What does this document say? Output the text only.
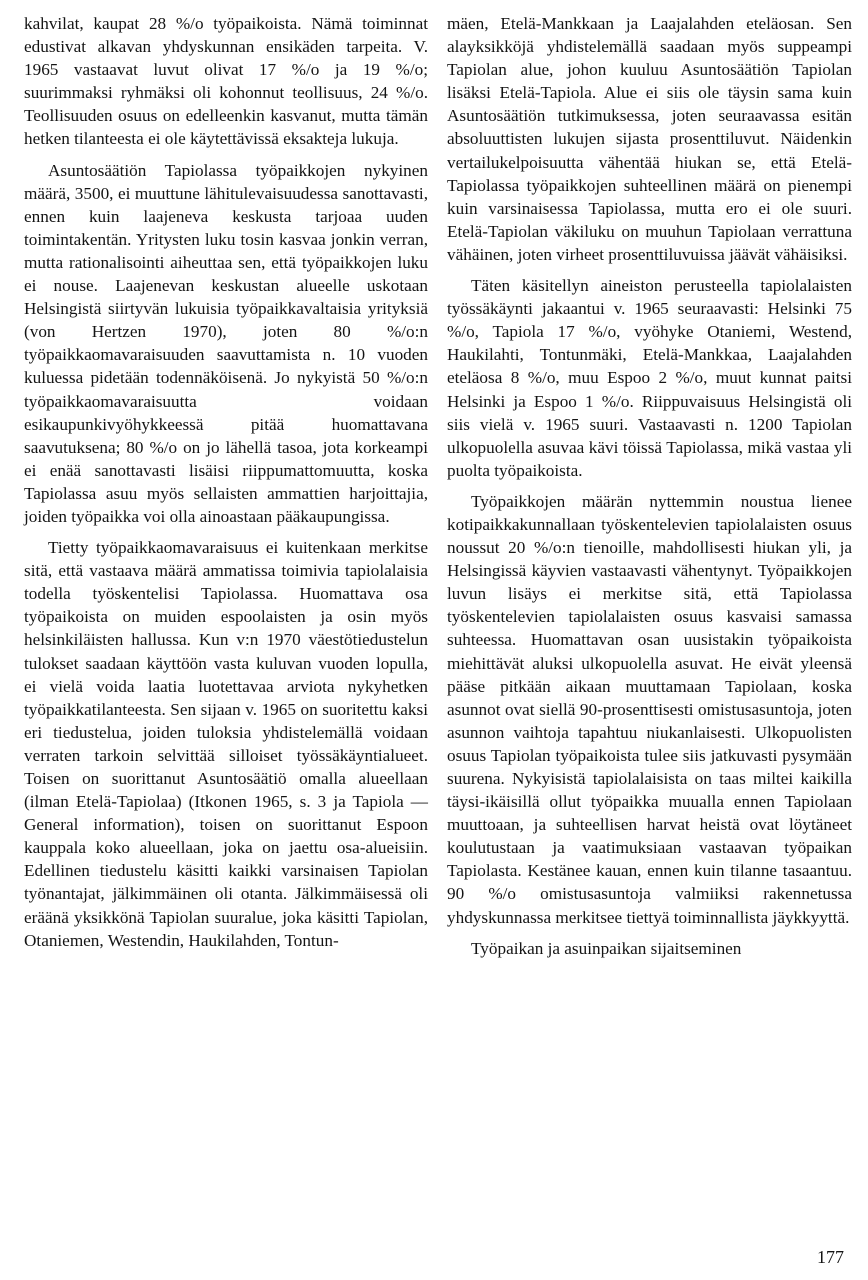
kahvilat, kaupat 28 %/o työpaikoista. Nämä toiminnat edustivat alkavan yhdyskunnan ensikäden tarpeita. V. 1965 vastaavat luvut olivat 17 %/o ja 19 %/o; suurimmaksi ryhmäksi oli kohonnut teollisuus, 24 %/o. Teollisuuden osuus on edelleenkin kasvanut, mutta tämän hetken tilanteesta ei ole käytettävissä eksakteja lukuja.

Asuntosäätiön Tapiolassa työpaikkojen nykyinen määrä, 3500, ei muuttune lähitulevaisuudessa sanottavasti, ennen kuin laajeneva keskusta tarjoaa uuden toimintakentän. Yritysten luku tosin kasvaa jonkin verran, mutta rationalisointi aiheuttaa sen, että työpaikkojen luku ei nouse. Laajenevan keskustan alueelle uskotaan Helsingistä siirtyvän lukuisia työpaikkavaltaisia yrityksiä (von Hertzen 1970), joten 80 %/o:n työpaikkaomavaraisuuden saavuttamista n. 10 vuoden kuluessa pidetään todennäköisenä. Jo nykyistä 50 %/o:n työpaikkaomavaraisuutta voidaan esikaupunkivyöhykkeessä pitää huomattavana saavutuksena; 80 %/o on jo lähellä tasoa, jota korkeampi ei enää sanottavasti lisäisi riippumattomuutta, koska Tapiolassa asuu myös sellaisten ammattien harjoittajia, joiden työpaikka voi olla ainoastaan pääkaupungissa.

Tietty työpaikkaomavaraisuus ei kuitenkaan merkitse sitä, että vastaava määrä ammatissa toimivia tapiolalaisia todella työskentelisi Tapiolassa. Huomattava osa työpaikoista on muiden espoolaisten ja osin myös helsinkiläisten hallussa. Kun v:n 1970 väestötiedustelun tulokset saadaan käyttöön vasta kuluvan vuoden lopulla, ei vielä voida laatia luotettavaa arviota nykyhetken työpaikkatilanteesta. Sen sijaan v. 1965 on suoritettu kaksi eri tiedustelua, joiden tuloksia yhdistelemällä voidaan verraten tarkoin selvittää silloiset työssäkäyntialueet. Toisen on suorittanut Asuntosäätiö omalla alueellaan (ilman Etelä-Tapiolaa) (Itkonen 1965, s. 3 ja Tapiola — General information), toisen on suorittanut Espoon kauppala koko alueellaan, joka on jaettu osa-alueisiin. Edellinen tiedustelu käsitti kaikki varsinaisen Tapiolan työnantajat, jälkimmäinen oli otanta. Jälkimmäisessä oli eräänä yksikkönä Tapiolan suuralue, joka käsitti Tapiolan, Otaniemen, Westendin, Haukilahden, Tontun-

mäen, Etelä-Mankkaan ja Laajalahden eteläosan. Sen alayksikköjä yhdistelemällä saadaan myös suppeampi Tapiolan alue, johon kuuluu Asuntosäätiön Tapiolan lisäksi Etelä-Tapiola. Alue ei siis ole täysin sama kuin Asuntosäätiön tutkimuksessa, joten seuraavassa esitän absoluuttisten lukujen sijasta prosenttiluvut. Näidenkin vertailukelpoisuutta vähentää hiukan se, että Etelä-Tapiolassa työpaikkojen suhteellinen määrä on pienempi kuin varsinaisessa Tapiolassa, mutta ero ei ole suuri. Etelä-Tapiolan väkiluku on muuhun Tapiolaan verrattuna vähäinen, joten virheet prosenttiluvuissa jäävät vähäisiksi.

Täten käsitellyn aineiston perusteella tapiolalaisten työssäkäynti jakaantui v. 1965 seuraavasti: Helsinki 75 %/o, Tapiola 17 %/o, vyöhyke Otaniemi, Westend, Haukilahti, Tontunmäki, Etelä-Mankkaa, Laajalahden eteläosa 8 %/o, muu Espoo 2 %/o, muut kunnat paitsi Helsinki ja Espoo 1 %/o. Riippuvaisuus Helsingistä oli siis vielä v. 1965 suuri. Vastaavasti n. 1200 Tapiolan ulkopuolella asuvaa kävi töissä Tapiolassa, mikä vastaa yli puolta työpaikoista.

Työpaikkojen määrän nyttemmin noustua lienee kotipaikkakunnallaan työskentelevien tapiolalaisten osuus noussut 20 %/o:n tienoille, mahdollisesti hiukan yli, ja Helsingissä käyvien vastaavasti vähentynyt. Työpaikkojen luvun lisäys ei merkitse sitä, että Tapiolassa työskentelevien tapiolalaisten osuus kasvaisi samassa suhteessa. Huomattavan osan uusistakin työpaikoista miehittävät aluksi ulkopuolella asuvat. He eivät yleensä pääse pitkään aikaan muuttamaan Tapiolaan, koska asunnot ovat siellä 90-prosenttisesti omistusasuntoja, joten asunnon vaihtoja tapahtuu niukanlaisesti. Ulkopuolisten osuus Tapiolan työpaikoista tulee siis jatkuvasti pysymään suurena. Nykyisistä tapiolalaisista on taas miltei kaikilla täysi-ikäisillä ollut työpaikka muualla ennen Tapiolaan muuttoaan, ja suhteellisen harvat heistä ovat löytäneet koulutustaan ja vaatimuksiaan vastaavan työpaikan Tapiolasta. Kestänee kauan, ennen kuin tilanne tasaantuu. 90 %/o omistusasuntoja valmiiksi rakennetussa yhdyskunnassa merkitsee tiettyä toiminnallista jäykkyyttä.

Työpaikan ja asuinpaikan sijaitseminen

177
